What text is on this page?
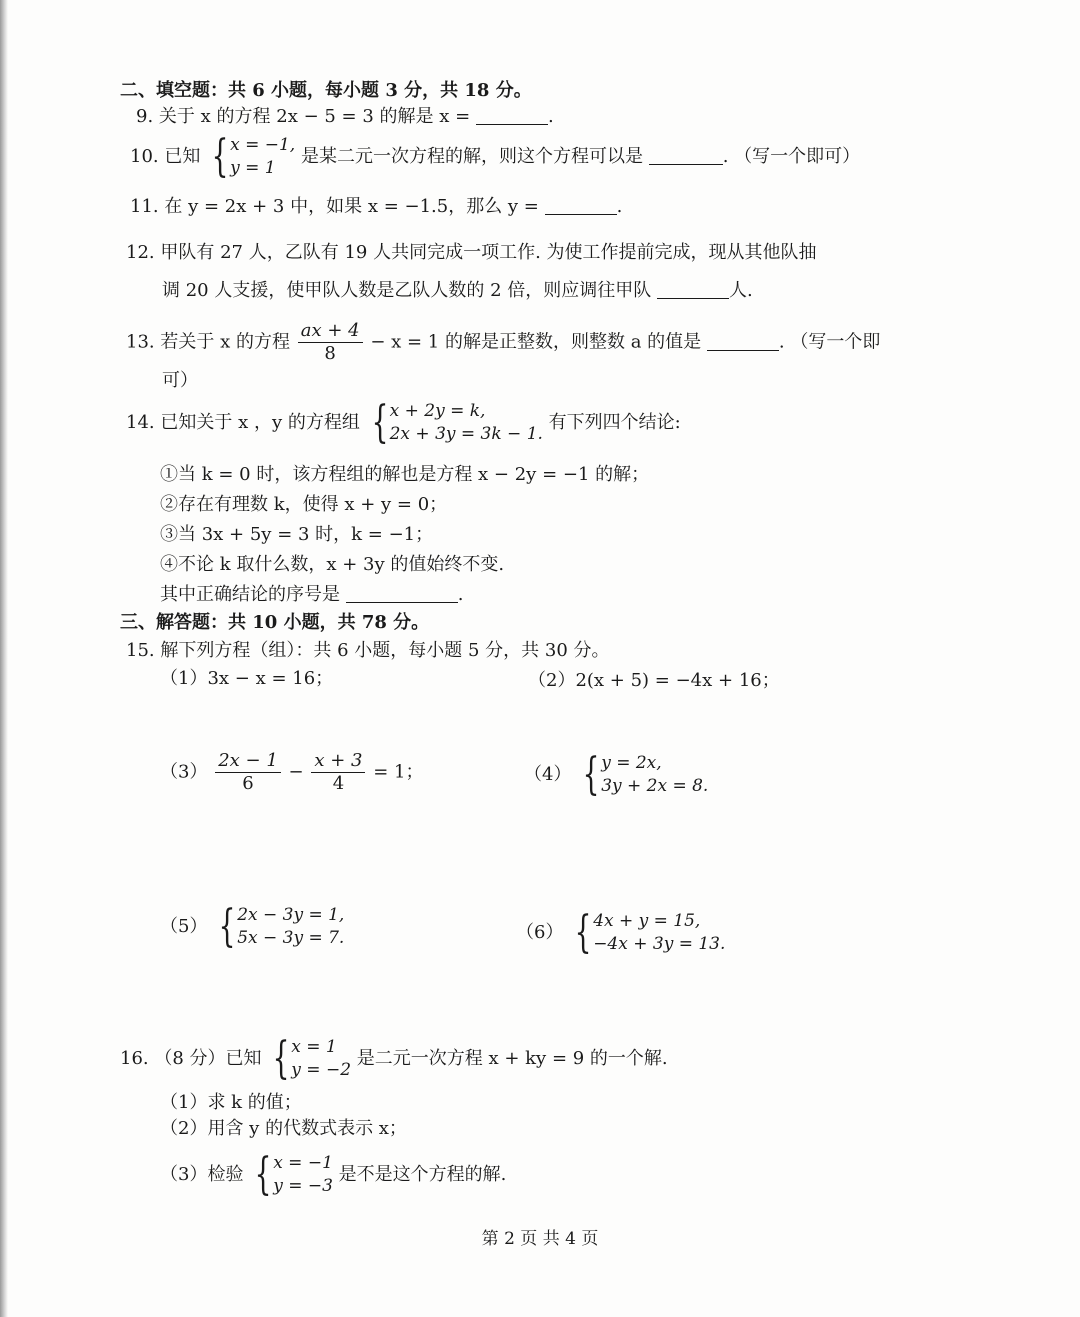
二、填空题：共 6 小题，每小题 3 分，共 18 分。
9. 关于 x 的方程 2x − 5 = 3 的解是 x =	.
10. 已知 { x = −1,
y = 1
是某二元一次方程的解，则这个方程可以是	. （写一个即可）
11. 在 y = 2x + 3 中，如果 x = −1.5，那么 y =	.
12. 甲队有 27 人，乙队有 19 人共同完成一项工作. 为使工作提前完成，现从其他队抽
调 20 人支援，使甲队人数是乙队人数的 2 倍，则应调往甲队	人.
13. 若关于 x 的方程 $\frac{ax + 4}{8} - x = 1$ 的解是正整数，则整数 a 的值是	. （写一个即
可）
14. 已知关于 x ，y 的方程组 { x + 2y = k,
2x + 3y = 3k − 1.
有下列四个结论:
①当 k = 0 时，该方程组的解也是方程 x − 2y = −1 的解；
②存在有理数 k，使得 x + y = 0；
③当 3x + 5y = 3 时，k = −1；
④不论 k 取什么数，x + 3y 的值始终不变.
其中正确结论的序号是	.
三、解答题：共 10 小题，共 78 分。
15. 解下列方程（组）：共 6 小题，每小题 5 分，共 30 分。
（1）3x − x = 16；	（2）2(x + 5) = −4x + 16；
$(3) \frac{2x - 1}{6} - \frac{x + 3}{4} = 1$；	（4） { y = 2x,
3y + 2x = 8.
（5） { 2x − 3y = 1,
5x − 3y = 7.	（6） { 4x + y = 15,
−4x + 3y = 13.
16. （8 分）已知 { x = 1
y = −2
是二元一次方程 x + ky = 9 的一个解.
（1）求 k 的值；
（2）用含 y 的代数式表示 x；
（3）检验 { x = −1
y = −3
是不是这个方程的解.
第 2 页 共 4 页
